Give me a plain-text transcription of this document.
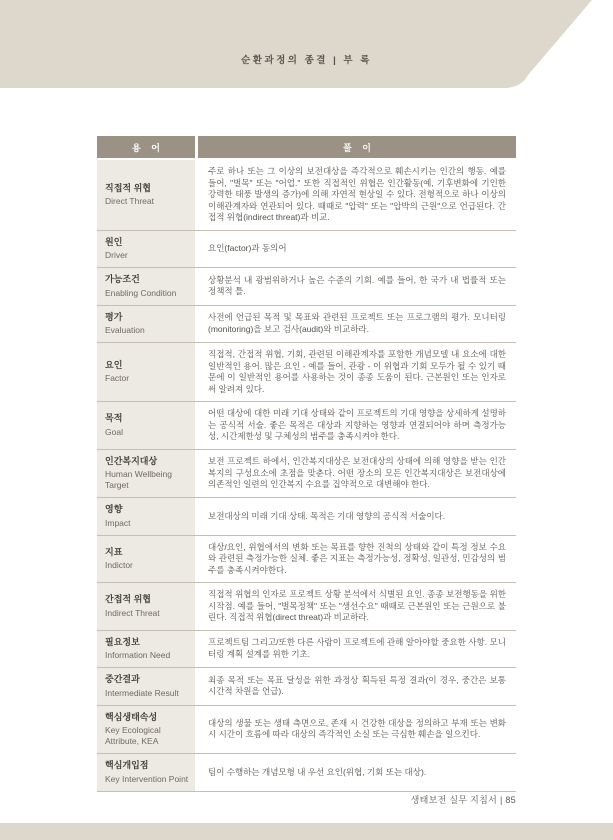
순환과정의 종결 | 부 록
용 어	풀 이
직접적 위협
Direct Threat
주로 하나 또는 그 이상의 보전대상을 즉각적으로 훼손시키는 인간의 행동. 예를 들어, "벌목" 또는 "어업." 또한 직접적인 위협은 인간활동(예, 기후변화에 기인한 강력한 태풍 발생의 증가)에 의해 자연적 현상일 수 있다. 전형적으로 하나 이상의 이해관계자와 연관되어 있다. 때때로 "압력" 또는 "압박의 근원"으로 언급된다. 간접적 위협(indirect threat)과 비교.
원인
Driver
요인(factor)과 동의어
가능조건
Enabling Condition
상황분석 내 광범위하거나 높은 수준의 기회. 예를 들어, 한 국가 내 법률적 또는 정책적 틀.
평가
Evaluation
사전에 언급된 목적 및 목표와 관련된 프로젝트 또는 프로그램의 평가. 모니터링(monitoring)을 보고 검사(audit)와 비교하라.
요인
Factor
직접적, 간접적 위협, 기회, 관련된 이해관계자를 포함한 개념모델 내 요소에 대한 일반적인 용어. 많은 요인 - 예를 들어, 관광 - 이 위협과 기회 모두가 될 수 있기 때문에 이 일반적인 용어를 사용하는 것이 종종 도움이 된다. 근본원인 또는 인자로써 알려져 있다.
목적
Goal
어떤 대상에 대한 미래 기대 상태와 같이 프로젝트의 기대 영향을 상세하게 설명하는 공식적 서술. 좋은 목적은 대상과 지향하는 영향과 연결되어야 하며 측정가능성, 시간제한성 및 구체성의 범주를 충족시켜야 한다.
인간복지대상
Human Wellbeing Target
보전 프로젝트 하에서, 인간복지대상은 보전대상의 상태에 의해 영향을 받는 인간복지의 구성요소에 초점을 맞춘다. 어떤 장소의 모든 인간복지대상은 보전대상에 의존적인 일련의 인간복지 수요를 집약적으로 대변해야 한다.
영향
Impact
보전대상의 미래 기대 상태. 목적은 기대 영향의 공식적 서술이다.
지표
Indictor
대상/요인, 위협에서의 변화 또는 목표를 향한 진척의 상태와 같이 특정 정보 수요와 관련된 측정가능한 실체. 좋은 지표는 측정가능성, 정확성, 일관성, 민감성의 범주를 충족시켜야한다.
간접적 위협
Indirect Threat
직접적 위협의 인자로 프로젝트 상황 분석에서 식별된 요인. 종종 보전행동을 위한 시작점. 예를 들어, "벌목정책" 또는 "생선수요" 때때로 근본원인 또는 근원으로 불린다. 직접적 위협(direct threat)과 비교하라.
필요정보
Information Need
프로젝트팀 그리고/또한 다른 사람이 프로젝트에 관해 알아야할 중요한 사항. 모니터링 계획 설계를 위한 기초.
중간결과
Intermediate Result
최종 목적 또는 목표 달성을 위한 과정상 획득된 특정 결과(이 경우, 중간은 보통 시간적 차원을 언급).
핵심생태속성
Key Ecological Attribute, KEA
대상의 생물 또는 생태 측면으로, 존재 시 건강한 대상을 정의하고 부재 또는 변화 시 시간이 흐름에 따라 대상의 즉각적인 소실 또는 극심한 훼손을 일으킨다.
핵심개입점
Key Intervention Point
팀이 수행하는 개념모형 내 우선 요인(위협, 기회 또는 대상).
생태보전 실무 지침서 | 85
